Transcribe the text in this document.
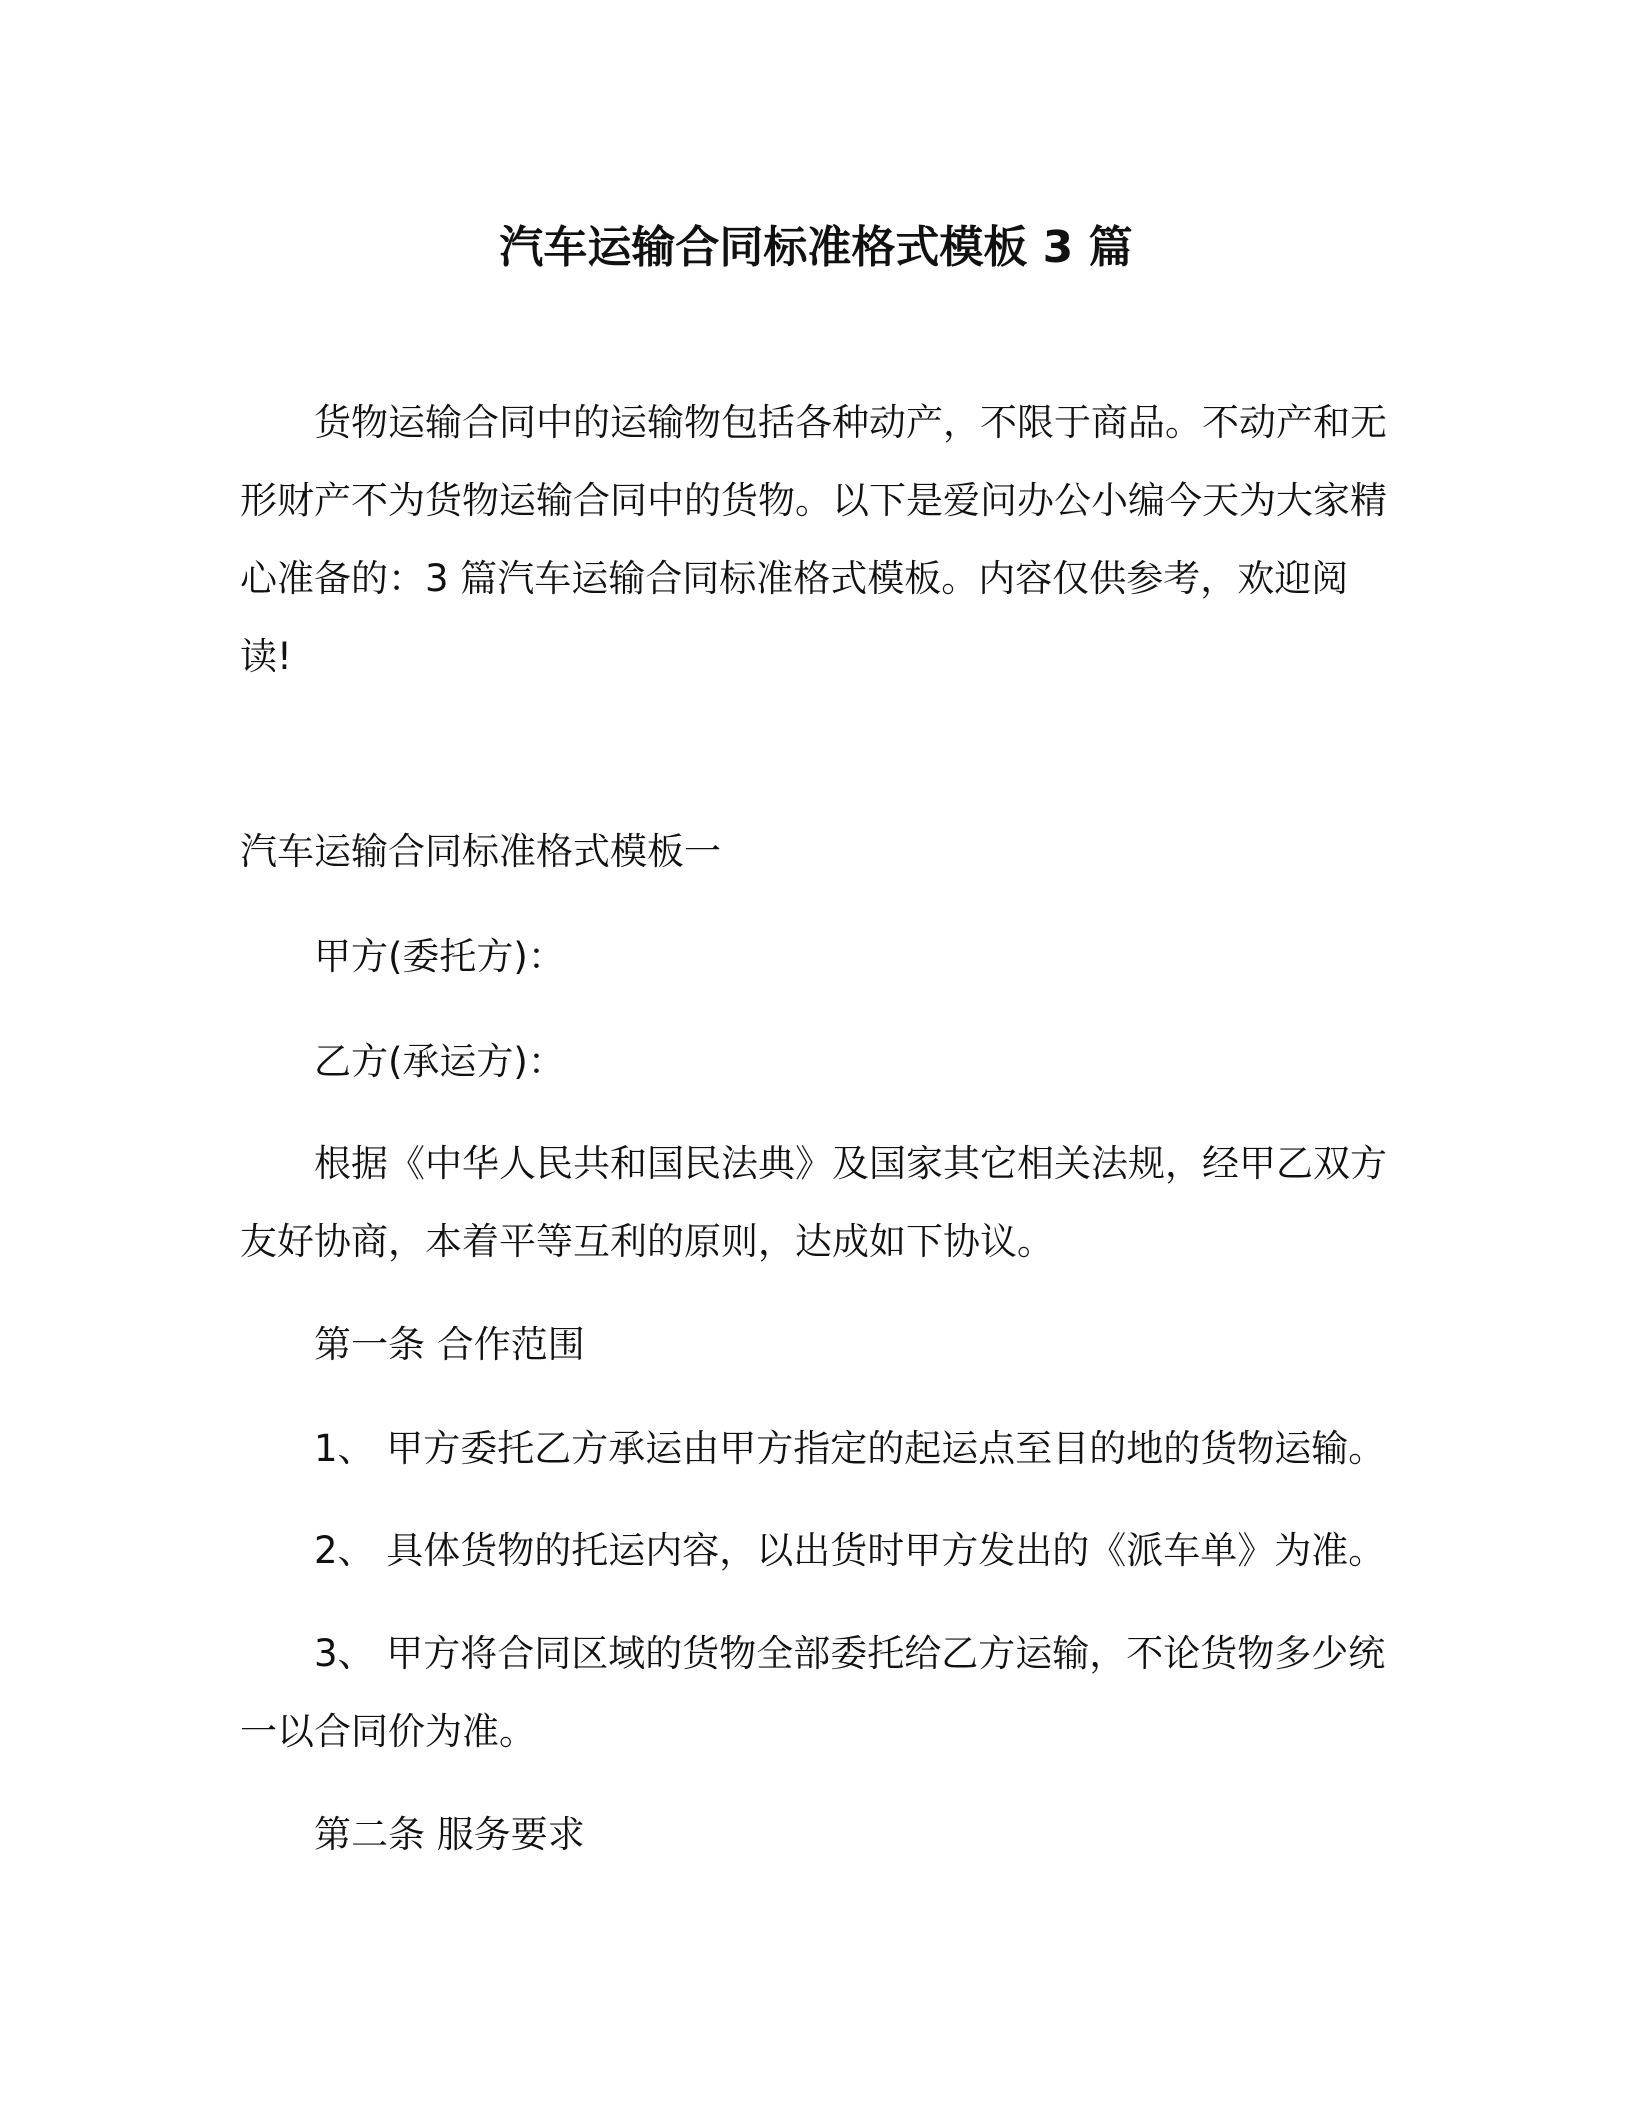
汽车运输合同标准格式模板 3 篇

货物运输合同中的运输物包括各种动产，不限于商品。不动产和无形财产不为货物运输合同中的货物。以下是爱问办公小编今天为大家精心准备的：3 篇汽车运输合同标准格式模板。内容仅供参考，欢迎阅读!

汽车运输合同标准格式模板一

甲方(委托方)：

乙方(承运方)：

根据《中华人民共和国民法典》及国家其它相关法规，经甲乙双方友好协商，本着平等互利的原则，达成如下协议。

第一条 合作范围

1、 甲方委托乙方承运由甲方指定的起运点至目的地的货物运输。

2、 具体货物的托运内容，以出货时甲方发出的《派车单》为准。

3、 甲方将合同区域的货物全部委托给乙方运输，不论货物多少统一以合同价为准。

第二条 服务要求
